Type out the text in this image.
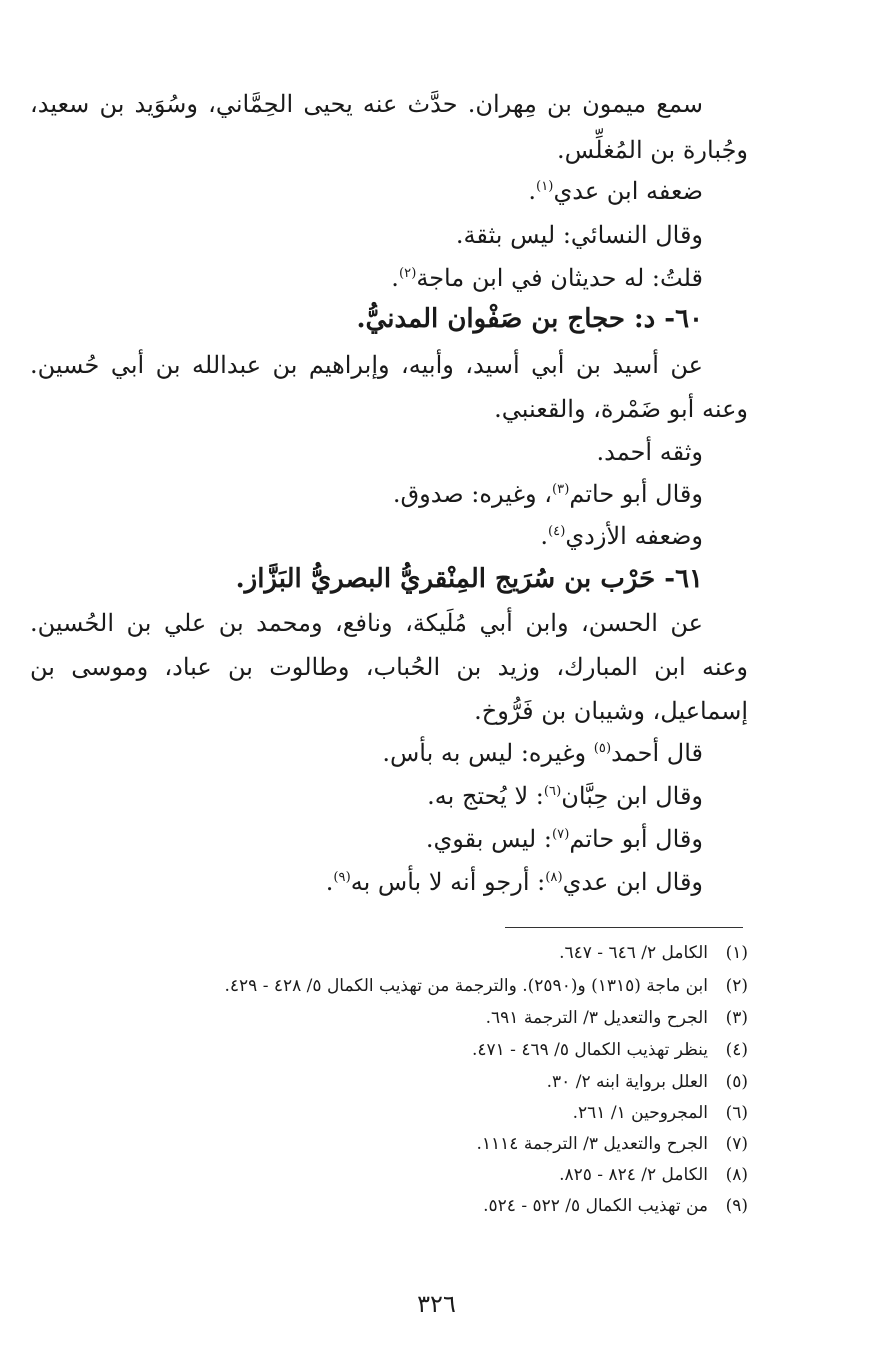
سمع ميمون بن مِهران. حدَّث عنه يحيى الحِمَّاني، وسُوَيد بن سعيد،
وجُبارة بن المُغلِّس.
ضعفه ابن عدي$^{(١)}$.
وقال النسائي: ليس بثقة.
قلتُ: له حديثان في ابن ماجة$^{(٢)}$.
٦٠- د: حجاج بن صَفْوان المدنيُّ.
عن أسيد بن أبي أسيد، وأبيه، وإبراهيم بن عبدالله بن أبي حُسين.
وعنه أبو ضَمْرة، والقعنبي.
وثقه أحمد.
وقال أبو حاتم$^{(٣)}$، وغيره: صدوق.
وضعفه الأزدي$^{(٤)}$.
٦١- حَرْب بن سُرَيج المِنْقريُّ البصريُّ البَزَّاز.
عن الحسن، وابن أبي مُلَيكة، ونافع، ومحمد بن علي بن الحُسين.
وعنه ابن المبارك، وزيد بن الحُباب، وطالوت بن عباد، وموسى بن
إسماعيل، وشيبان بن فَرُّوخ.
قال أحمد$^{(٥)}$ وغيره: ليس به بأس.
وقال ابن حِبَّان$^{(٦)}$: لا يُحتج به.
وقال أبو حاتم$^{(٧)}$: ليس بقوي.
وقال ابن عدي$^{(٨)}$: أرجو أنه لا بأس به$^{(٩)}$.
(١)الكامل ٢/ ٦٤٦ - ٦٤٧.
(٢)ابن ماجة (١٣١٥) و(٢٥٩٠). والترجمة من تهذيب الكمال ٥/ ٤٢٨ - ٤٢٩.
(٣)الجرح والتعديل ٣/ الترجمة ٦٩١.
(٤)ينظر تهذيب الكمال ٥/ ٤٦٩ - ٤٧١.
(٥)العلل برواية ابنه ٢/ ٣٠.
(٦)المجروحين ١/ ٢٦١.
(٧)الجرح والتعديل ٣/ الترجمة ١١١٤.
(٨)الكامل ٢/ ٨٢٤ - ٨٢٥.
(٩)من تهذيب الكمال ٥/ ٥٢٢ - ٥٢٤.
٣٢٦
